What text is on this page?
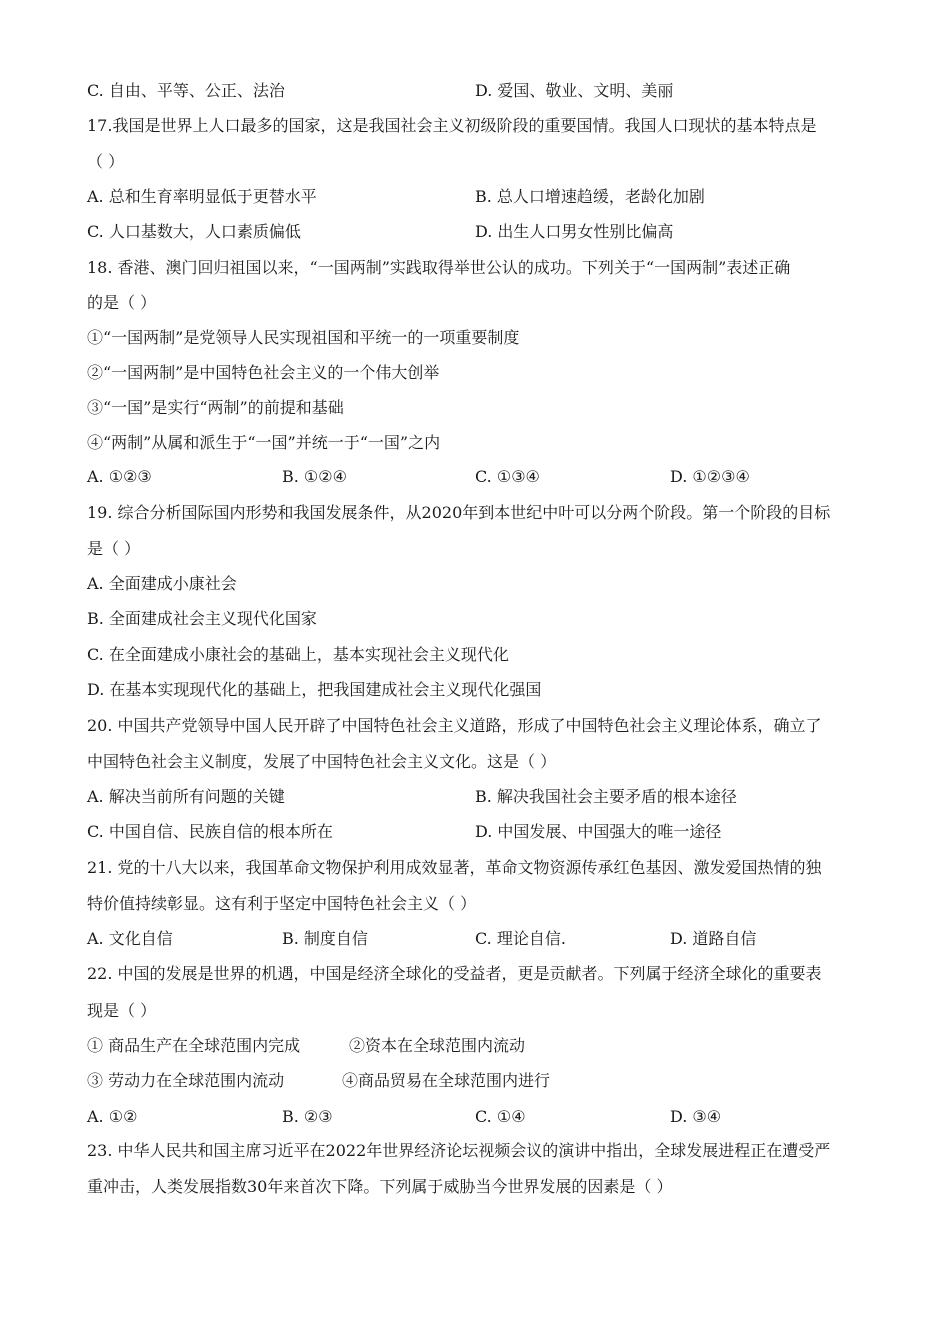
C. 自由、平等、公正、法治	D. 爱国、敬业、文明、美丽
17.我国是世界上人口最多的国家，这是我国社会主义初级阶段的重要国情。我国人口现状的基本特点是
（ ）
A. 总和生育率明显低于更替水平	B. 总人口增速趋缓，老龄化加剧
C. 人口基数大，人口素质偏低	D. 出生人口男女性别比偏高
18. 香港、澳门回归祖国以来，“一国两制”实践取得举世公认的成功。下列关于“一国两制”表述正确
的是（ ）
①“一国两制”是党领导人民实现祖国和平统一的一项重要制度
②“一国两制”是中国特色社会主义的一个伟大创举
③“一国”是实行“两制”的前提和基础
④“两制”从属和派生于“一国”并统一于“一国”之内
A. ①②③	B. ①②④	C. ①③④	D. ①②③④
19. 综合分析国际国内形势和我国发展条件，从2020年到本世纪中叶可以分两个阶段。第一个阶段的目标
是（ ）
A. 全面建成小康社会
B. 全面建成社会主义现代化国家
C. 在全面建成小康社会的基础上，基本实现社会主义现代化
D. 在基本实现现代化的基础上，把我国建成社会主义现代化强国
20. 中国共产党领导中国人民开辟了中国特色社会主义道路，形成了中国特色社会主义理论体系，确立了
中国特色社会主义制度，发展了中国特色社会主义文化。这是（ ）
A. 解决当前所有问题的关键	B. 解决我国社会主要矛盾的根本途径
C. 中国自信、民族自信的根本所在	D. 中国发展、中国强大的唯一途径
21. 党的十八大以来，我国革命文物保护利用成效显著，革命文物资源传承红色基因、激发爱国热情的独
特价值持续彰显。这有利于坚定中国特色社会主义（ ）
A. 文化自信	B. 制度自信	C. 理论自信.	D. 道路自信
22. 中国的发展是世界的机遇，中国是经济全球化的受益者，更是贡献者。下列属于经济全球化的重要表
现是（ ）
① 商品生产在全球范围内完成	②资本在全球范围内流动
③ 劳动力在全球范围内流动	④商品贸易在全球范围内进行
A. ①②	B. ②③	C. ①④	D. ③④
23. 中华人民共和国主席习近平在2022年世界经济论坛视频会议的演讲中指出，全球发展进程正在遭受严
重冲击，人类发展指数30年来首次下降。下列属于威胁当今世界发展的因素是（ ）
